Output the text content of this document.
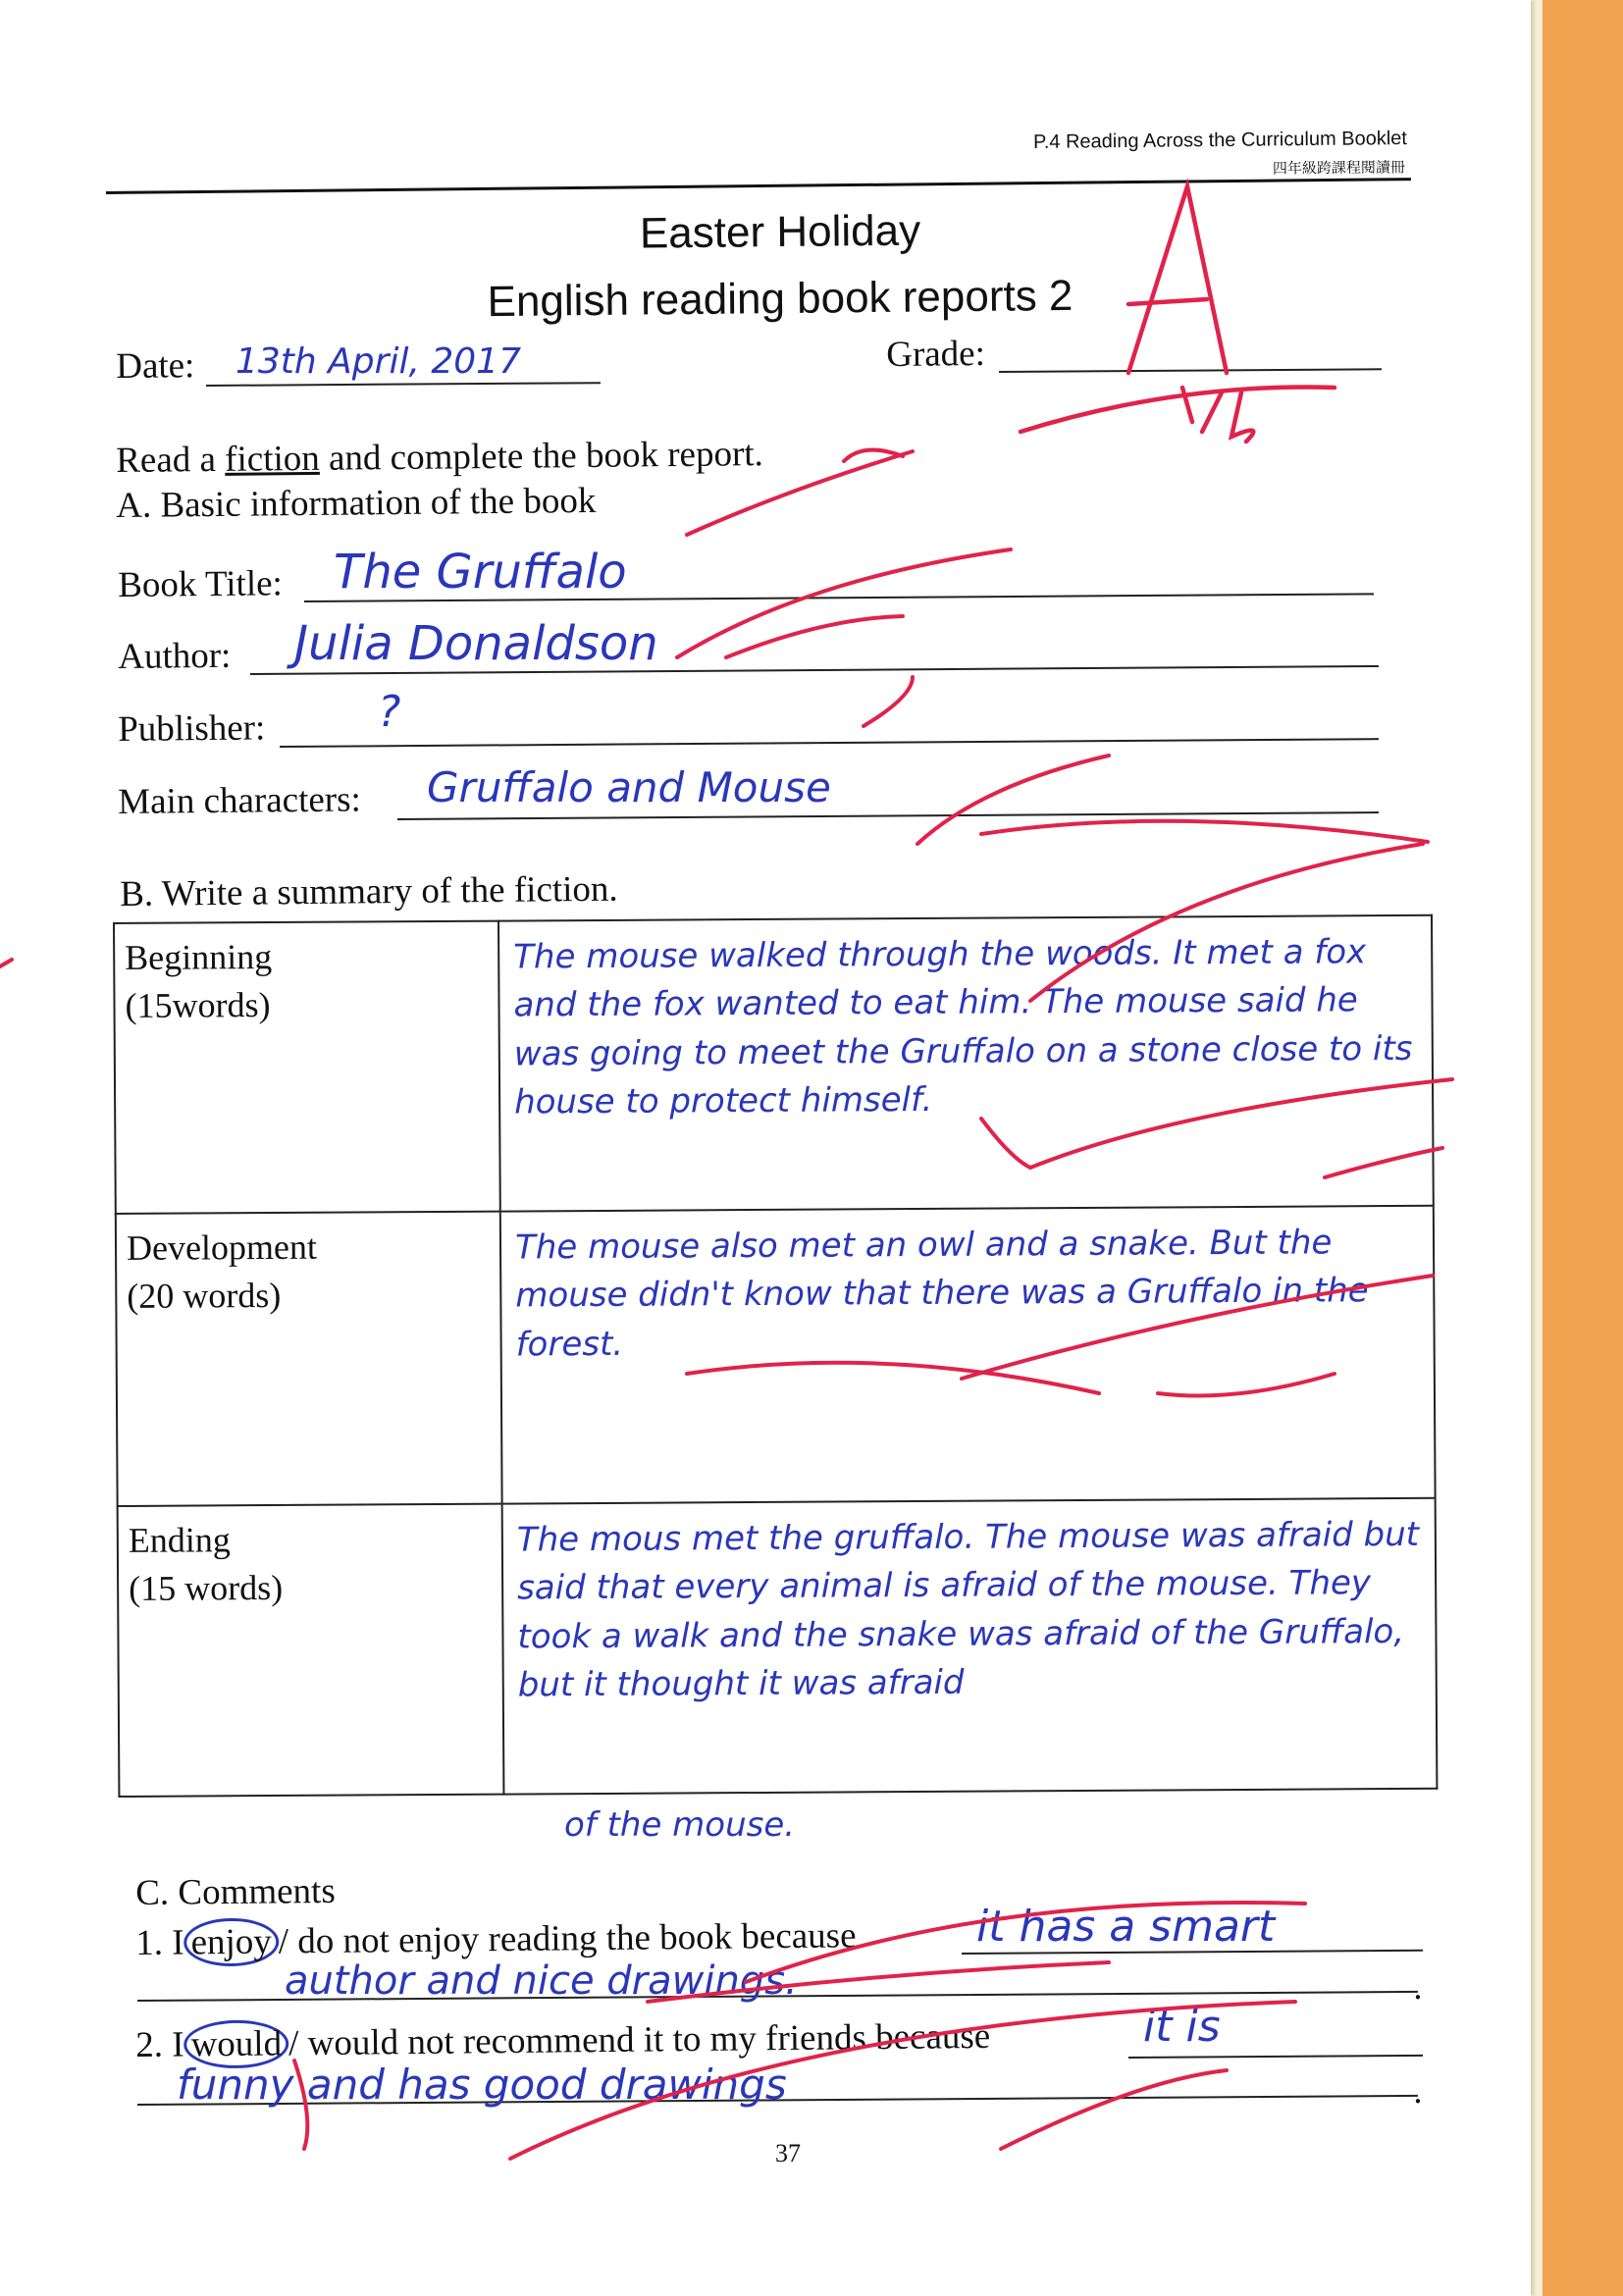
P.4 Reading Across the Curriculum Booklet
四年級跨課程閱讀冊
Easter Holiday
English reading book reports 2
Date: 13th April, 2017	Grade:
Read a fiction and complete the book report.
A. Basic information of the book
Book Title: The Gruffalo
Author: Julia Donaldson
Publisher:	?
Main characters: Gruffalo and Mouse
B. Write a summary of the fiction.
Beginning
(15words)	The mouse walked through the woods. It met a fox and the fox wanted to eat him. The mouse said he was going to meet the Gruffalo on a stone close to its house to protect himself.

Development
(20 words)	The mouse also met an owl and a snake. But the mouse didn't know that there was a Gruffalo in the forest.

Ending
(15 words)	The mous met the gruffalo. The mouse was afraid but said that every animal is afraid of the mouse. They took a walk and the snake was afraid of the Gruffalo, but it thought it was afraid
of the mouse.
C. Comments
1. I enjoy / do not enjoy reading the book because	it has a smart
author and nice drawings.	.
2. I would / would not recommend it to my friends because	it is
funny and has good drawings	.
37
A
5/5
